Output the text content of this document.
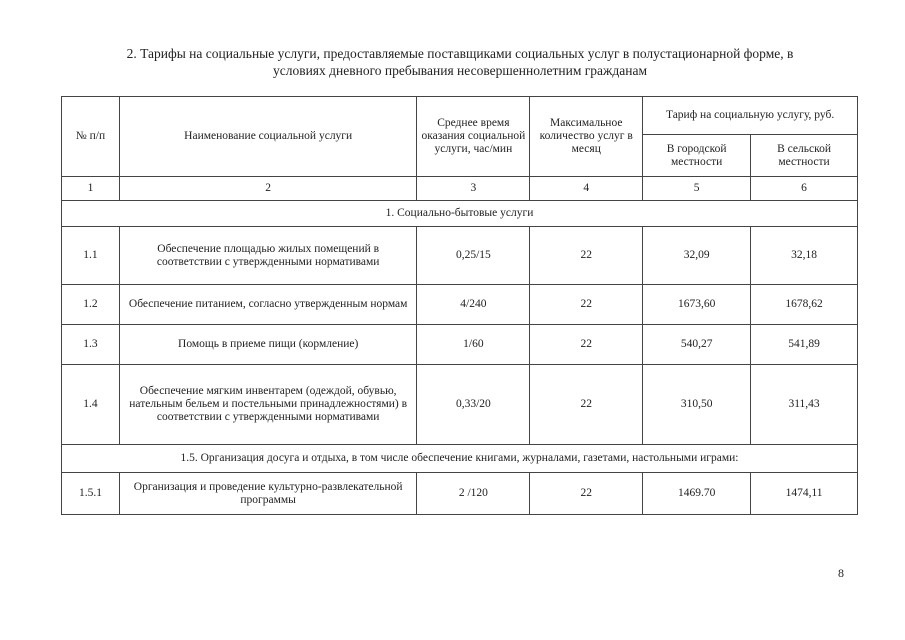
2. Тарифы на социальные услуги, предоставляемые поставщиками социальных услуг в полустационарной форме, в
условиях дневного пребывания несовершеннолетним гражданам
№ п/п	Наименование социальной услуги	Среднее время оказания социальной услуги, час/мин	Максимальное количество услуг в месяц	Тариф на социальную услугу, руб.	
				В городской местности	В сельской местности
1	2	3	4	5	6
1. Социально-бытовые услуги					
1.1	Обеспечение площадью жилых помещений в соответствии с утвержденными нормативами	0,25/15	22	32,09	32,18
1.2	Обеспечение питанием, согласно утвержденным нормам	4/240	22	1673,60	1678,62
1.3	Помощь в приеме пищи (кормление)	1/60	22	540,27	541,89
1.4	Обеспечение мягким инвентарем (одеждой, обувью, нательным бельем и постельными принадлежностями) в соответствии с утвержденными нормативами	0,33/20	22	310,50	311,43
1.5. Организация досуга и отдыха, в том числе обеспечение книгами, журналами, газетами, настольными играми:					
1.5.1	Организация и проведение культурно-развлекательной программы	2 /120	22	1469.70	1474,11
8
